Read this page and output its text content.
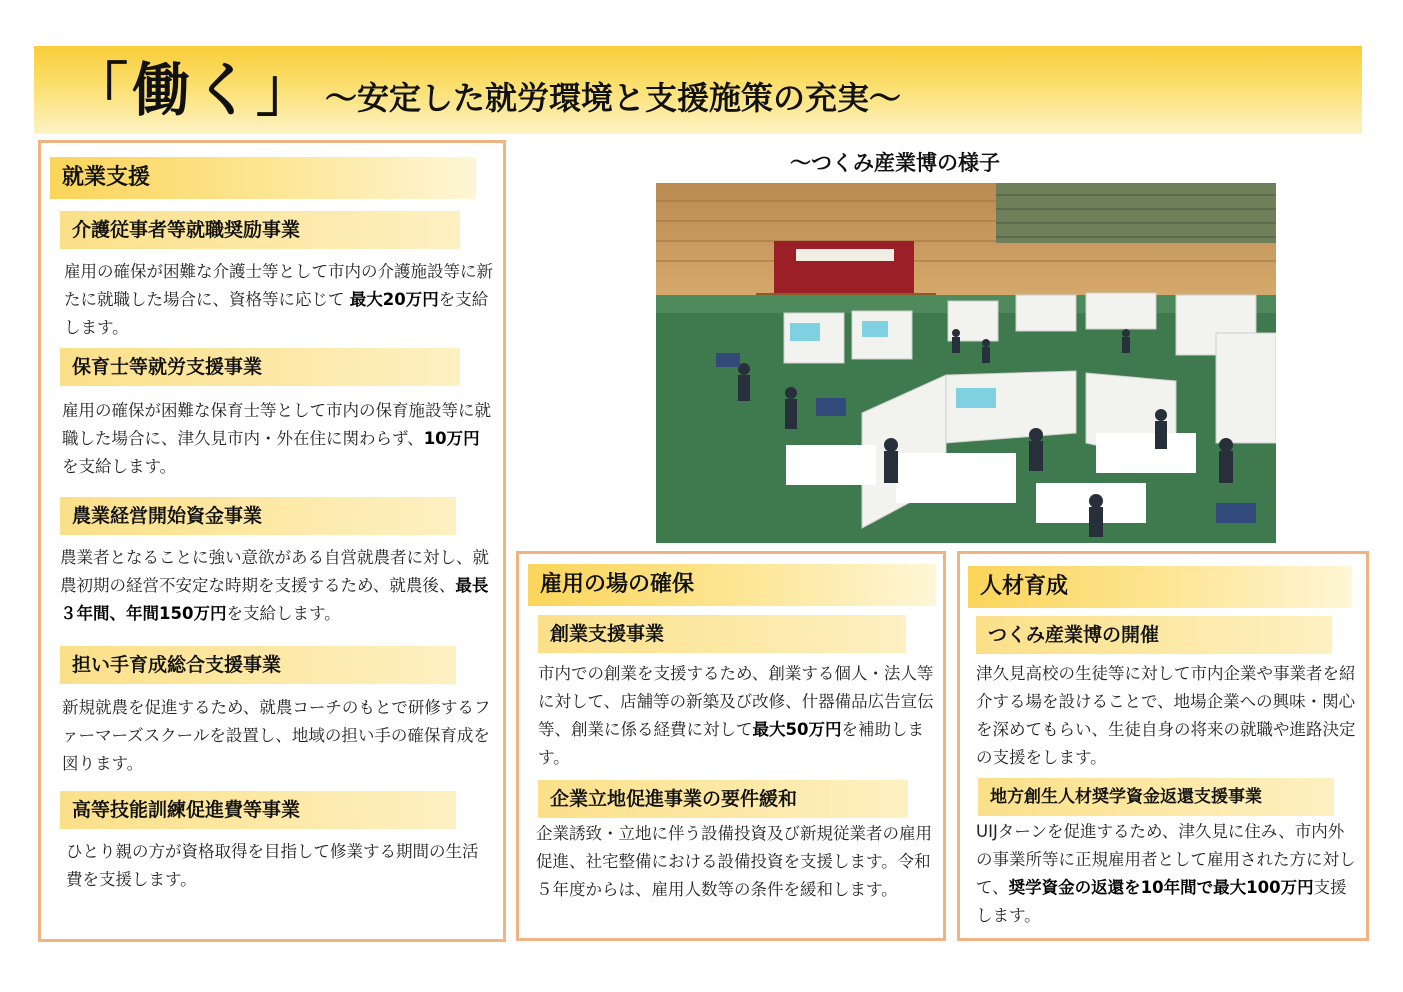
「働く」 ～安定した就労環境と支援施策の充実～
就業支援
介護従事者等就職奨励事業

雇用の確保が困難な介護士等として市内の介護施設等に新たに就職した場合に、資格等に応じて 最大20万円を支給します。

保育士等就労支援事業

雇用の確保が困難な保育士等として市内の保育施設等に就職した場合に、津久見市内・外在住に関わらず、10万円を支給します。

農業経営開始資金事業

農業者となることに強い意欲がある自営就農者に対し、就農初期の経営不安定な時期を支援するため、就農後、最長３年間、年間150万円を支給します。

担い手育成総合支援事業

新規就農を促進するため、就農コーチのもとで研修するファーマーズスクールを設置し、地域の担い手の確保育成を図ります。

高等技能訓練促進費等事業

ひとり親の方が資格取得を目指して修業する期間の生活費を支援します。

～つくみ産業博の様子
雇用の場の確保
創業支援事業

市内での創業を支援するため、創業する個人・法人等に対して、店舗等の新築及び改修、什器備品広告宣伝等、創業に係る経費に対して最大50万円を補助します。

企業立地促進事業の要件緩和

企業誘致・立地に伴う設備投資及び新規従業者の雇用促進、社宅整備における設備投資を支援します。令和５年度からは、雇用人数等の条件を緩和します。

人材育成
つくみ産業博の開催

津久見高校の生徒等に対して市内企業や事業者を紹介する場を設けることで、地場企業への興味・関心を深めてもらい、生徒自身の将来の就職や進路決定の支援をします。

地方創生人材奨学資金返還支援事業

UIJターンを促進するため、津久見に住み、市内外の事業所等に正規雇用者として雇用された方に対して、奨学資金の返還を10年間で最大100万円支援します。
